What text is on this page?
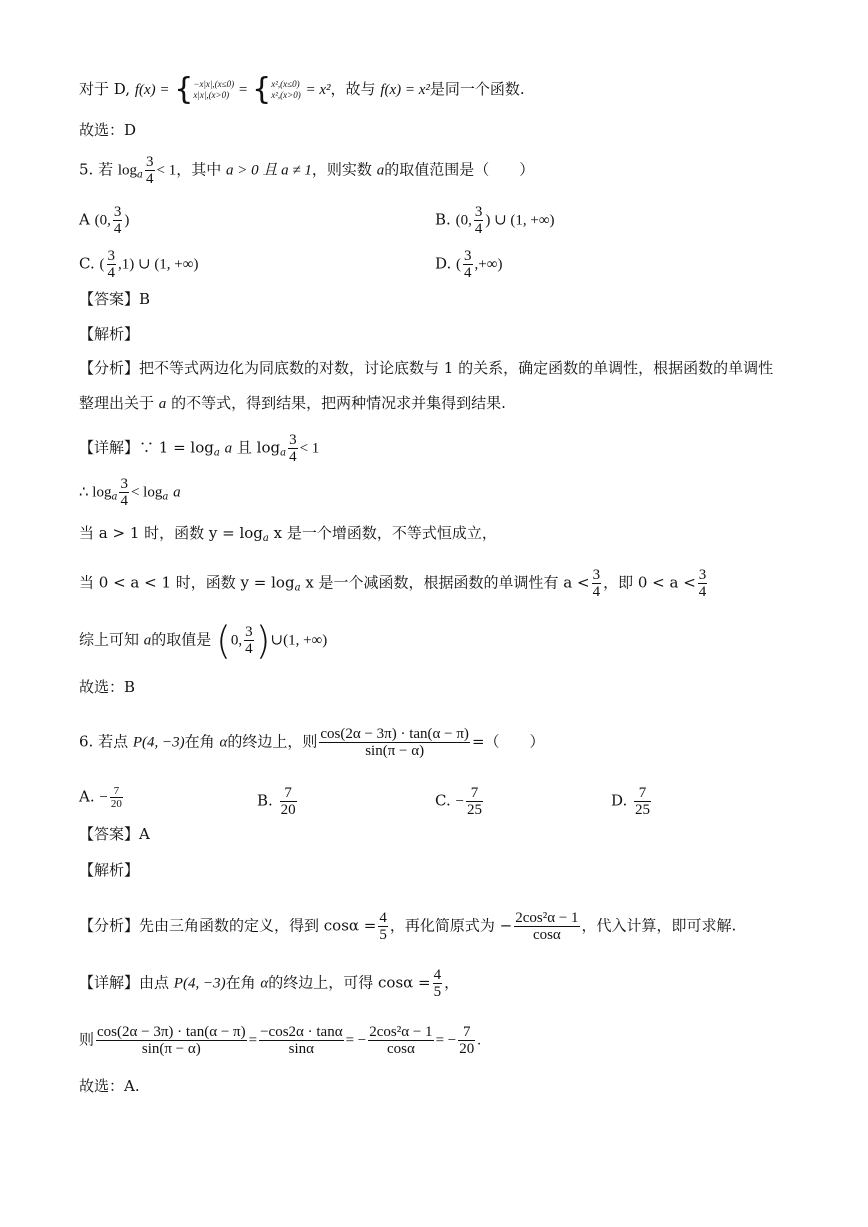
对于 D, f(x) = { −x|x|,(x≤0)
x|x|,(x>0) = { x²,(x≤0)
x²,(x>0) = x²，故与 f(x) = x²是同一个函数.
故选：D
5. 若 $\log_a \frac{3}{4} < 1$，其中 a > 0 且 a ≠ 1，则实数 a的取值范围是（　　）
A (0, $\frac{3}{4}$ )	B. (0, $\frac{3}{4}$ ) ∪ (1, +∞)
C. ( $\frac{3}{4} ,1$) ∪ (1, +∞)	D. ( $\frac{3}{4}$ ,+∞)
【答案】B
【解析】
【分析】把不等式两边化为同底数的对数，讨论底数与 1 的关系，确定函数的单调性，根据函数的单调性
整理出关于 a 的不等式，得到结果，把两种情况求并集得到结果.
【详解】∵ $1 = \log_a a$ 且 $\log_a \frac{3}{4} < 1$
∴ $\log_a \frac{3}{4} < \log_a a$
当 a > 1 时，函数 $y = \log_a x$ 是一个增函数，不等式恒成立，
当 0 < a < 1 时，函数 $y = \log_a x$ 是一个减函数，根据函数的单调性有 $a < \frac{3}{4}$ ，即 $0 < a < \frac{3}{4}$
综上可知 a的取值是 (0, $\frac{3}{4}$ )∪(1, +∞)
故选：B
6. 若点 P(4, −3)在角 α的终边上，则 $\frac{\cos(2\alpha - 3\pi) \cdot \tan(\alpha - \pi)}{\sin(\pi - \alpha)}$ =（　　）
A. − $\frac{7}{20}$	B. $\frac{7}{20}$	C. − $\frac{7}{25}$	D. $\frac{7}{25}$
【答案】A
【解析】
【分析】先由三角函数的定义，得到 $\cos\alpha = \frac{4}{5}$ ，再化简原式为 − $\frac{\text{2cos²α − 1}}{\cos\alpha}$ ，代入计算，即可求解.
【详解】由点 P(4, −3)在角 α的终边上，可得 $\cos\alpha = \frac{4}{5}$ ，
则 $\frac{\cos(2\alpha - 3\pi) \cdot \tan(\alpha - \pi)}{\sin(\pi - \alpha)} = \frac{-\cos 2\alpha \cdot \tan\alpha}{\sin\alpha}$ = − $\frac{\text{2cos²α − 1}}{\cos\alpha}$ = − $\frac{7}{20}$ .
故选：A.
